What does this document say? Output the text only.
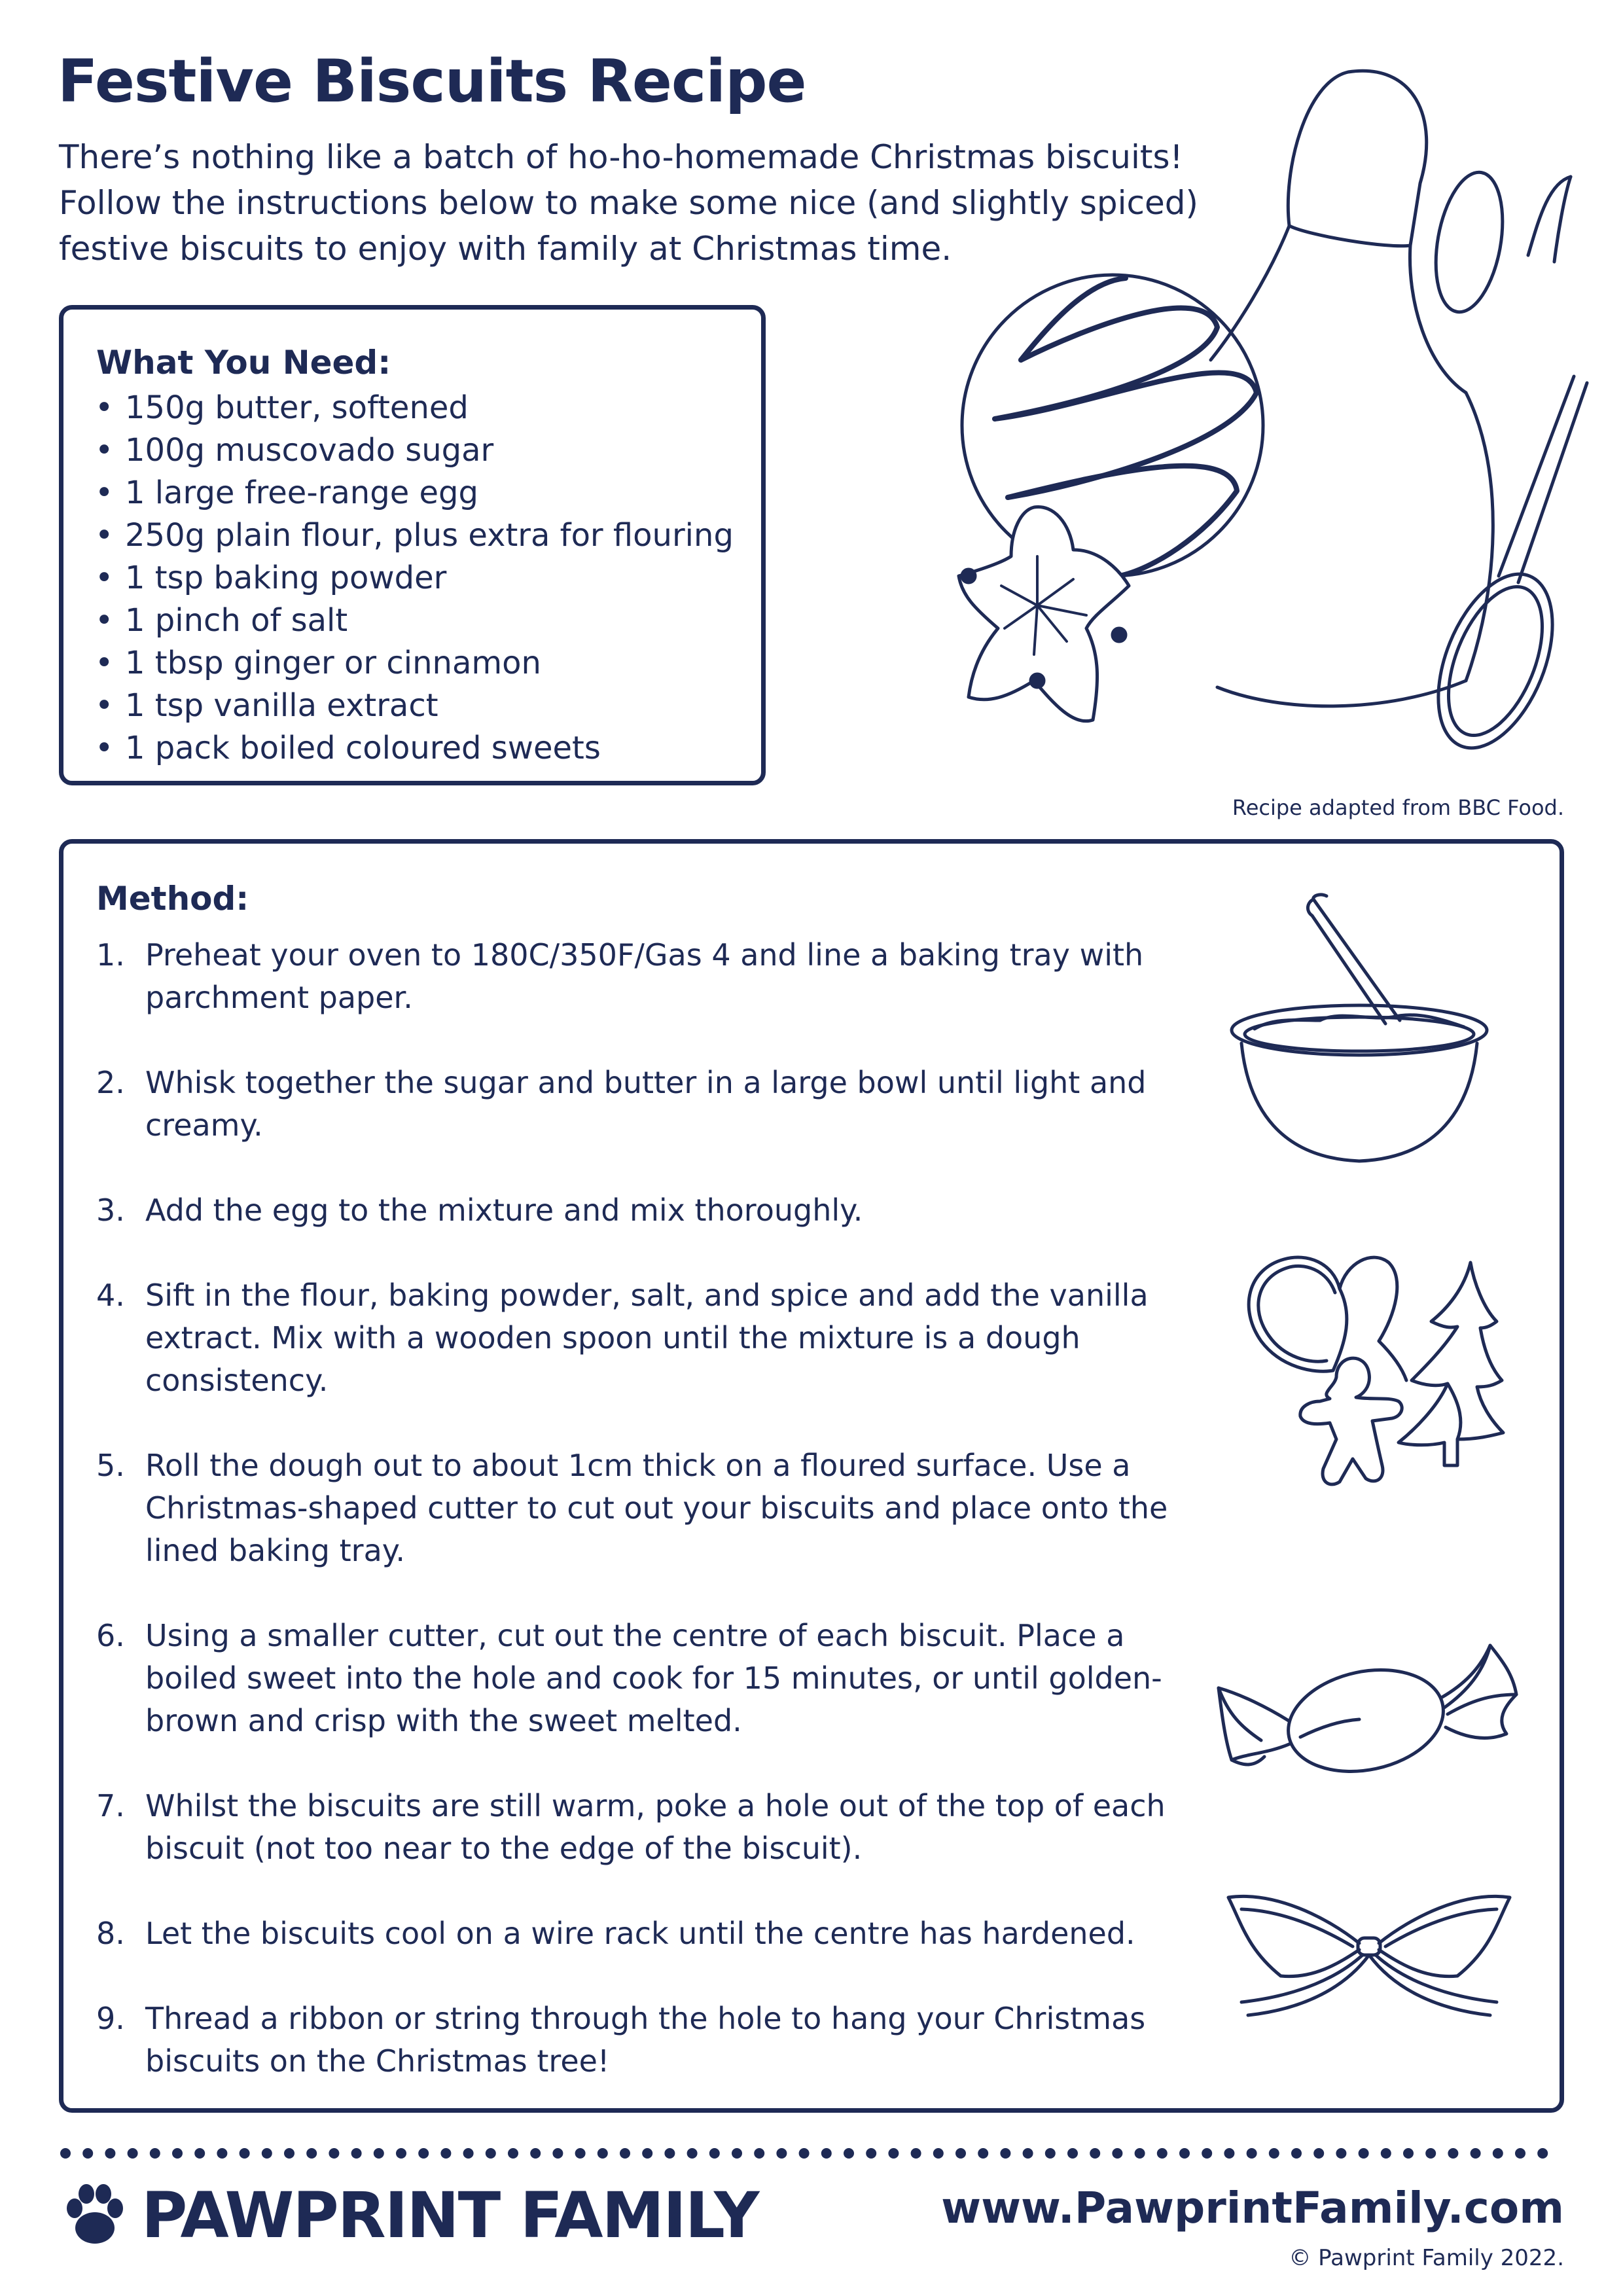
Festive Biscuits Recipe
There’s nothing like a batch of ho-ho-homemade Christmas biscuits!
Follow the instructions below to make some nice (and slightly spiced)
festive biscuits to enjoy with family at Christmas time.
What You Need:
• 150g butter, softened
• 100g muscovado sugar
• 1 large free-range egg
• 250g plain flour, plus extra for flouring
• 1 tsp baking powder
• 1 pinch of salt
• 1 tbsp ginger or cinnamon
• 1 tsp vanilla extract
• 1 pack boiled coloured sweets
Recipe adapted from BBC Food.
Method:
1. Preheat your oven to 180C/350F/Gas 4 and line a baking tray with
parchment paper.
2. Whisk together the sugar and butter in a large bowl until light and
creamy.
3. Add the egg to the mixture and mix thoroughly.
4. Sift in the flour, baking powder, salt, and spice and add the vanilla
extract. Mix with a wooden spoon until the mixture is a dough
consistency.
5. Roll the dough out to about 1cm thick on a floured surface. Use a
Christmas-shaped cutter to cut out your biscuits and place onto the
lined baking tray.
6. Using a smaller cutter, cut out the centre of each biscuit. Place a
boiled sweet into the hole and cook for 15 minutes, or until golden-
brown and crisp with the sweet melted.
7. Whilst the biscuits are still warm, poke a hole out of the top of each
biscuit (not too near to the edge of the biscuit).
8. Let the biscuits cool on a wire rack until the centre has hardened.
9. Thread a ribbon or string through the hole to hang your Christmas
biscuits on the Christmas tree!
PAWPRINT FAMILY	www.PawprintFamily.com
© Pawprint Family 2022.
